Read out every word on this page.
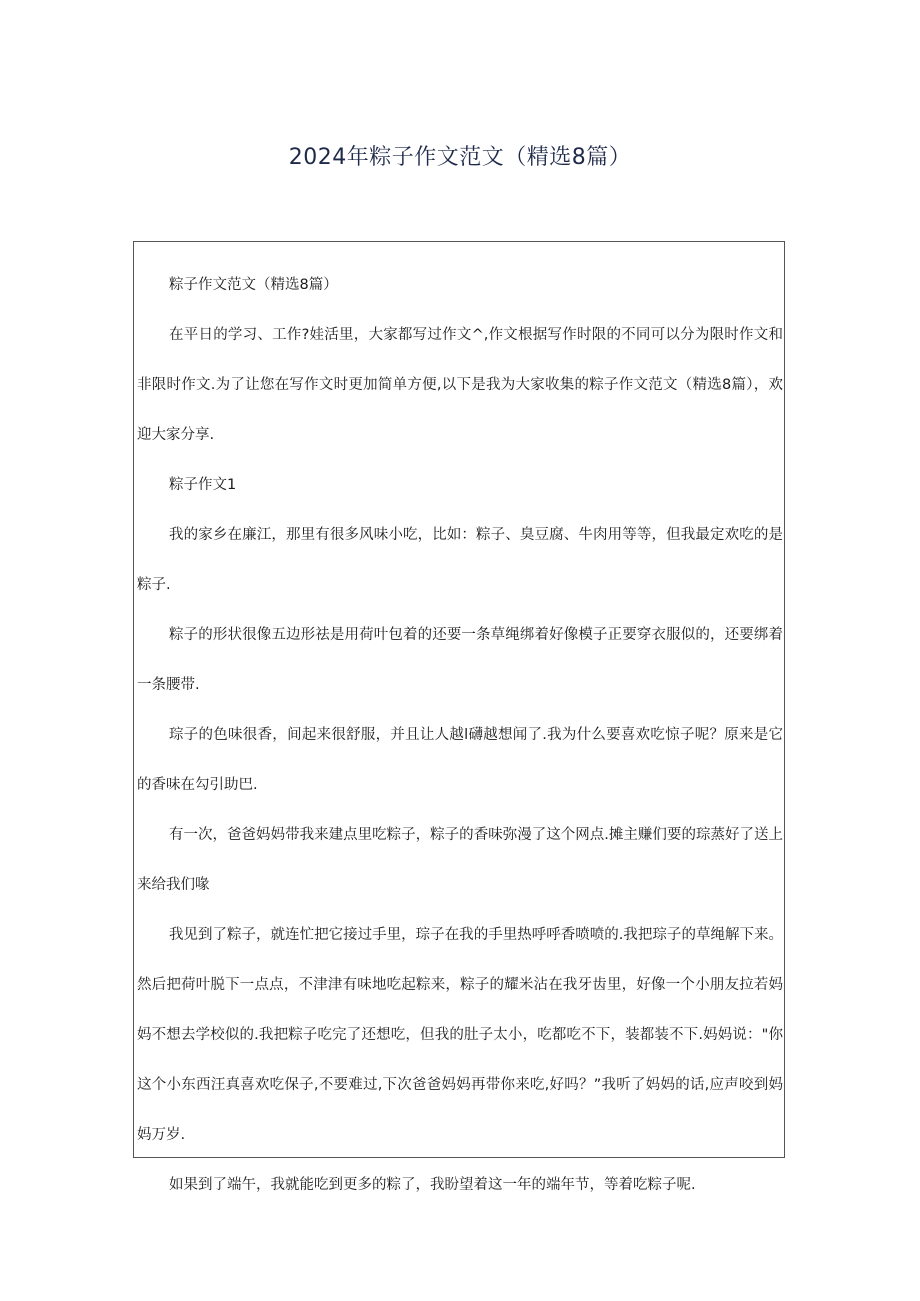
2024年粽子作文范文（精选8篇）

粽子作文范文（精选8篇）

在平日的学习、工作?娃活里，大家都写过作文^,作文根据写作时限的不同可以分为限时作文和非限时作文.为了让您在写作文时更加简单方便,以下是我为大家收集的粽子作文范文（精选8篇），欢迎大家分享.

粽子作文1

我的家乡在廉江，那里有很多风味小吃，比如：粽子、臭豆腐、牛肉用等等，但我最定欢吃的是粽子.

粽子的形状很像五边形祛是用荷叶包着的还要一条草绳绑着好像模子正要穿衣服似的，还要绑着一条腰带.

琮子的色味很香，间起来很舒服，并且让人越l礴越想闻了.我为什么要喜欢吃惊子呢？原来是它的香味在勾引助巴.

有一次，爸爸妈妈带我来建点里吃粽子，粽子的香味弥漫了这个网点.摊主赚们要的琮蒸好了送上来给我们喙

我见到了粽子，就连忙把它接过手里，琮子在我的手里热呼呼香喷喷的.我把琮子的草绳解下来。然后把荷叶脱下一点点，不津津有味地吃起粽来，粽子的耀米沾在我牙齿里，好像一个小朋友拉若妈妈不想去学校似的.我把粽子吃完了还想吃，但我的肚子太小，吃都吃不下，装都装不下.妈妈说："你这个小东西汪真喜欢吃保子,不要难过,下次爸爸妈妈再带你来吃,好吗？”我听了妈妈的话,应声咬到妈妈万岁.

如果到了端午，我就能吃到更多的粽了，我盼望着这一年的端年节，等着吃粽子呢.
